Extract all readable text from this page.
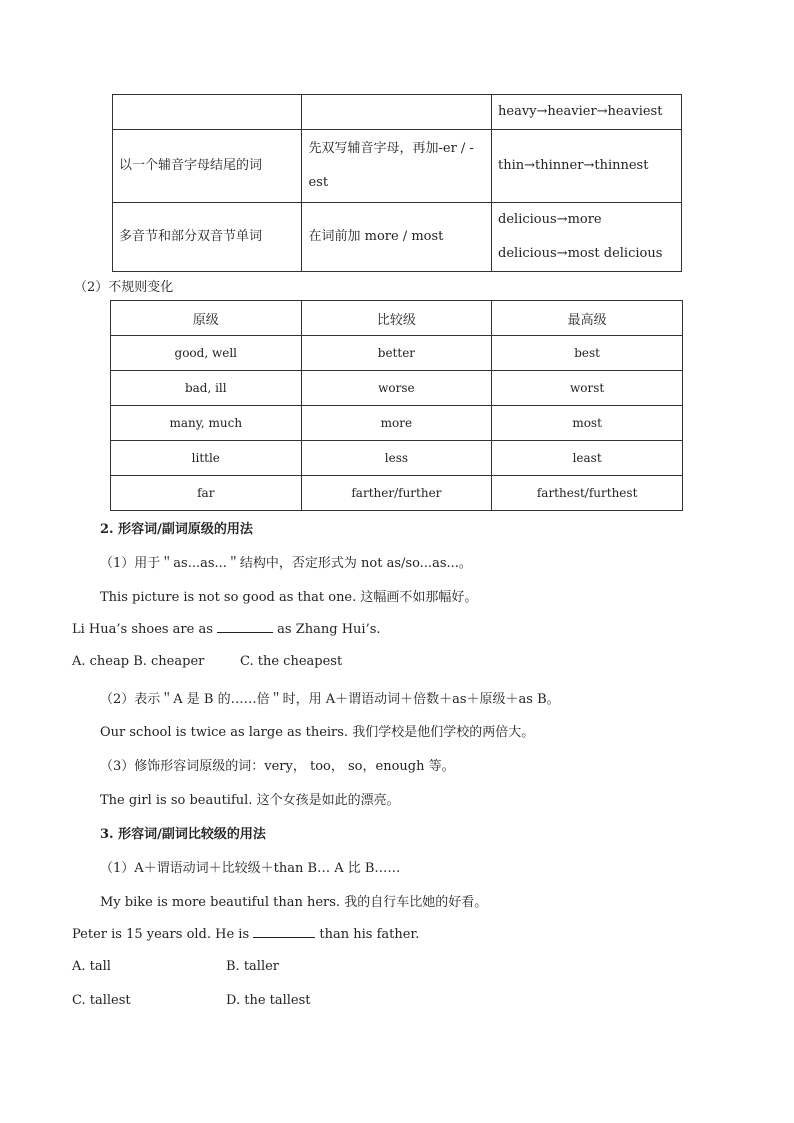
		heavy→heavier→heaviest
以一个辅音字母结尾的词	先双写辅音字母，再加-er / -est	thin→thinner→thinnest
多音节和部分双音节单词	在词前加 more / most	delicious→more
delicious→most delicious
（2）不规则变化
原级	比较级	最高级
good, well	better	best
bad, ill	worse	worst
many, much	more	most
little	less	least
far	farther/further	farthest/furthest
2. 形容词/副词原级的用法
（1）用于＂as...as...＂结构中，否定形式为 not as/so...as...。
This picture is not so good as that one. 这幅画不如那幅好。
Li Hua’s shoes are as	as Zhang Hui’s.
A. cheap B. cheaper	C. the cheapest
（2）表示＂A 是 B 的……倍＂时，用 A＋谓语动词＋倍数＋as＋原级＋as B。
Our school is twice as large as theirs. 我们学校是他们学校的两倍大。
（3）修饰形容词原级的词：very， too， so，enough 等。
The girl is so beautiful. 这个女孩是如此的漂亮。
3. 形容词/副词比较级的用法
（1）A＋谓语动词＋比较级＋than B… A 比 B……
My bike is more beautiful than hers. 我的自行车比她的好看。
Peter is 15 years old. He is	than his father.
A. tall	B. taller
C. tallest	D. the tallest
